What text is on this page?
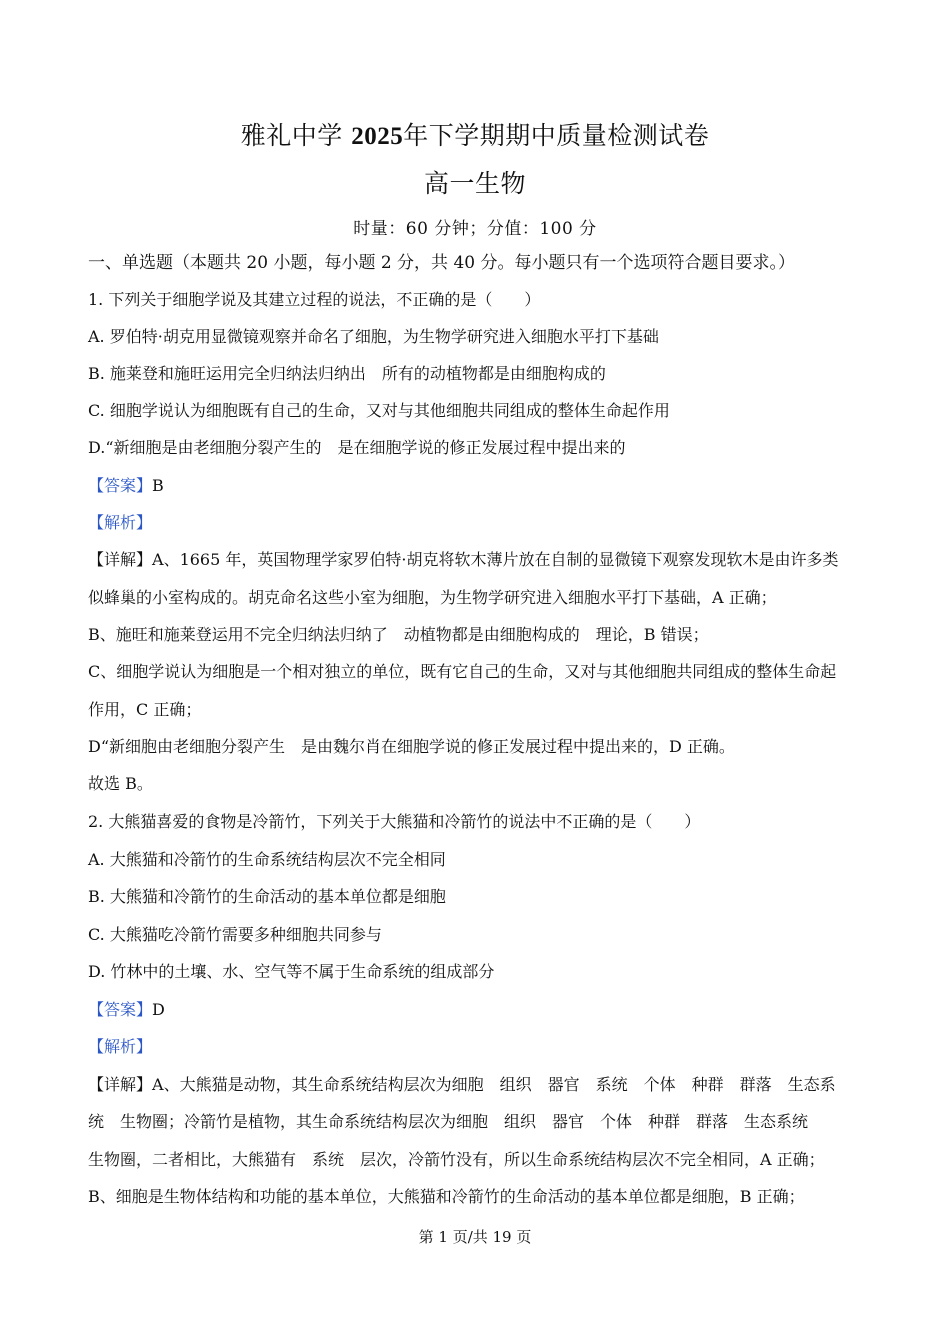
雅礼中学 2025年下学期期中质量检测试卷
高一生物
时量：60 分钟；分值：100 分
一、单选题（本题共 20 小题，每小题 2 分，共 40 分。每小题只有一个选项符合题目要求。）
1. 下列关于细胞学说及其建立过程的说法，不正确的是（　　）
A. 罗伯特·胡克用显微镜观察并命名了细胞，为生物学研究进入细胞水平打下基础
B. 施莱登和施旺运用完全归纳法归纳出　所有的动植物都是由细胞构成的
C. 细胞学说认为细胞既有自己的生命，又对与其他细胞共同组成的整体生命起作用
D.“新细胞是由老细胞分裂产生的　是在细胞学说的修正发展过程中提出来的
【答案】B
【解析】
【详解】A、1665 年，英国物理学家罗伯特·胡克将软木薄片放在自制的显微镜下观察发现软木是由许多类
似蜂巢的小室构成的。胡克命名这些小室为细胞，为生物学研究进入细胞水平打下基础，A 正确；
B、施旺和施莱登运用不完全归纳法归纳了　动植物都是由细胞构成的　理论，B 错误；
C、细胞学说认为细胞是一个相对独立的单位，既有它自己的生命，又对与其他细胞共同组成的整体生命起
作用，C 正确；
D“新细胞由老细胞分裂产生　是由魏尔肖在细胞学说的修正发展过程中提出来的，D 正确。
故选 B。
2. 大熊猫喜爱的食物是冷箭竹，下列关于大熊猫和冷箭竹的说法中不正确的是（　　）
A. 大熊猫和冷箭竹的生命系统结构层次不完全相同
B. 大熊猫和冷箭竹的生命活动的基本单位都是细胞
C. 大熊猫吃冷箭竹需要多种细胞共同参与
D. 竹林中的土壤、水、空气等不属于生命系统的组成部分
【答案】D
【解析】
【详解】A、大熊猫是动物，其生命系统结构层次为细胞　组织　器官　系统　个体　种群　群落　生态系
统　生物圈；冷箭竹是植物，其生命系统结构层次为细胞　组织　器官　个体　种群　群落　生态系统
生物圈，二者相比，大熊猫有　系统　层次，冷箭竹没有，所以生命系统结构层次不完全相同，A 正确；
B、细胞是生物体结构和功能的基本单位，大熊猫和冷箭竹的生命活动的基本单位都是细胞，B 正确；
第 1 页/共 19 页
